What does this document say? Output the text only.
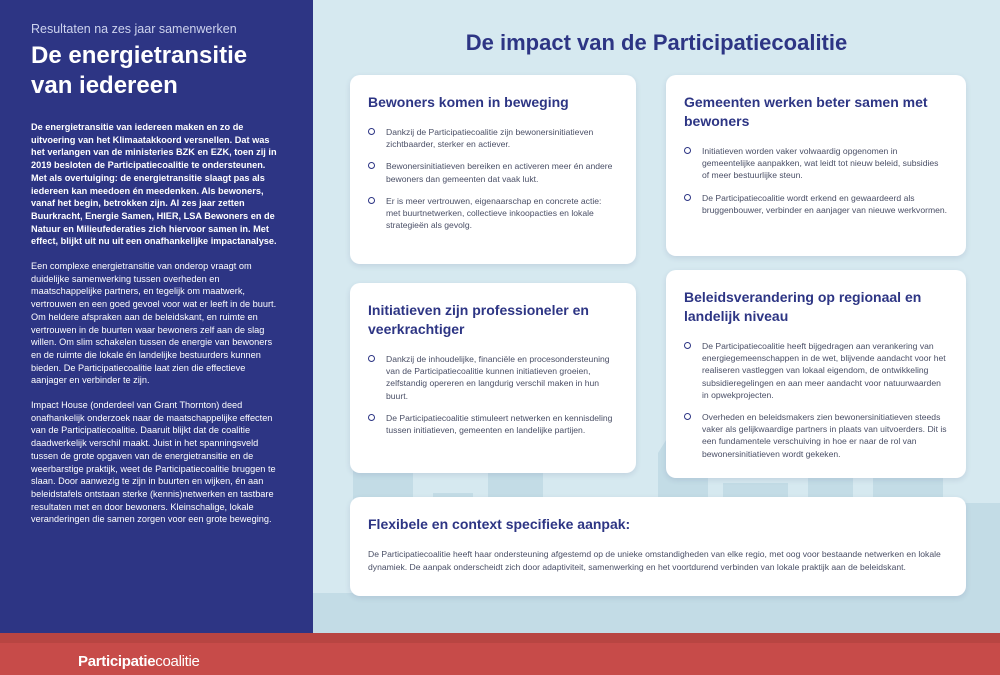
Resultaten na zes jaar samenwerken
De energietransitie
van iedereen

De energietransitie van iedereen maken en zo de uitvoering van het Klimaatakkoord versnellen. Dat was het verlangen van de ministeries BZK en EZK, toen zij in 2019 besloten de Participatiecoalitie te ondersteunen. Met als overtuiging: de energietransitie slaagt pas als iedereen kan meedoen én meedenken. Als bewoners, vanaf het begin, betrokken zijn. Al zes jaar zetten Buurkracht, Energie Samen, HIER, LSA Bewoners en de Natuur en Milieufederaties zich hiervoor samen in. Met effect, blijkt uit nu uit een onafhankelijke impactanalyse.

Een complexe energietransitie van onderop vraagt om duidelijke samenwerking tussen overheden en maatschappelijke partners, en tegelijk om maatwerk, vertrouwen en een goed gevoel voor wat er leeft in de buurt. Om heldere afspraken aan de beleidskant, en ruimte en vertrouwen in de buurten waar bewoners zelf aan de slag willen. Om slim schakelen tussen de energie van bewoners en de ruimte die lokale én landelijke bestuurders kunnen bieden. De Participatiecoalitie laat zien die effectieve aanjager en verbinder te zijn.

Impact House (onderdeel van Grant Thornton) deed onafhankelijk onderzoek naar de maatschappelijke effecten van de Participatiecoalitie. Daaruit blijkt dat de coalitie daadwerkelijk verschil maakt. Juist in het spanningsveld tussen de grote opgaven van de energietransitie en de weerbarstige praktijk, weet de Participatiecoalitie bruggen te slaan. Door aanwezig te zijn in buurten en wijken, én aan beleidstafels ontstaan sterke (kennis)netwerken en tastbare resultaten met en door bewoners. Kleinschalige, lokale veranderingen die samen zorgen voor een grote beweging.

De impact van de Participatiecoalitie
Bewoners komen in beweging
Dankzij de Participatiecoalitie zijn bewonersinitiatieven zichtbaarder, sterker en actiever.
Bewonersinitiatieven bereiken en activeren meer én andere bewoners dan gemeenten dat vaak lukt.
Er is meer vertrouwen, eigenaarschap en concrete actie: met buurtnetwerken, collectieve inkoopacties en lokale strategieën als gevolg.
Gemeenten werken beter samen met bewoners
Initiatieven worden vaker volwaardig opgenomen in gemeentelijke aanpakken, wat leidt tot nieuw beleid, subsidies of meer bestuurlijke steun.
De Participatiecoalitie wordt erkend en gewaardeerd als bruggenbouwer, verbinder en aanjager van nieuwe werkvormen.
Initiatieven zijn professioneler en veerkrachtiger
Dankzij de inhoudelijke, financiële en procesondersteuning van de Participatiecoalitie kunnen initiatieven groeien, zelfstandig opereren en langdurig verschil maken in hun buurt.
De Participatiecoalitie stimuleert netwerken en kennisdeling tussen initiatieven, gemeenten en landelijke partijen.
Beleidsverandering op regionaal en landelijk niveau
De Participatiecoalitie heeft bijgedragen aan verankering van energiegemeenschappen in de wet, blijvende aandacht voor het realiseren vastleggen van lokaal eigendom, de ontwikkeling subsidieregelingen en aan meer aandacht voor natuurwaarden in opwekprojecten.
Overheden en beleidsmakers zien bewonersinitiatieven steeds vaker als gelijkwaardige partners in plaats van uitvoerders. Dit is een fundamentele verschuiving in hoe er naar de rol van bewonersinitiatieven wordt gekeken.
Flexibele en context specifieke aanpak:

De Participatiecoalitie heeft haar ondersteuning afgestemd op de unieke omstandigheden van elke regio, met oog voor bestaande netwerken en lokale dynamiek. De aanpak onderscheidt zich door adaptiviteit, samenwerking en het voortdurend verbinden van lokale praktijk aan de beleidskant.

Participatiecoalitie
